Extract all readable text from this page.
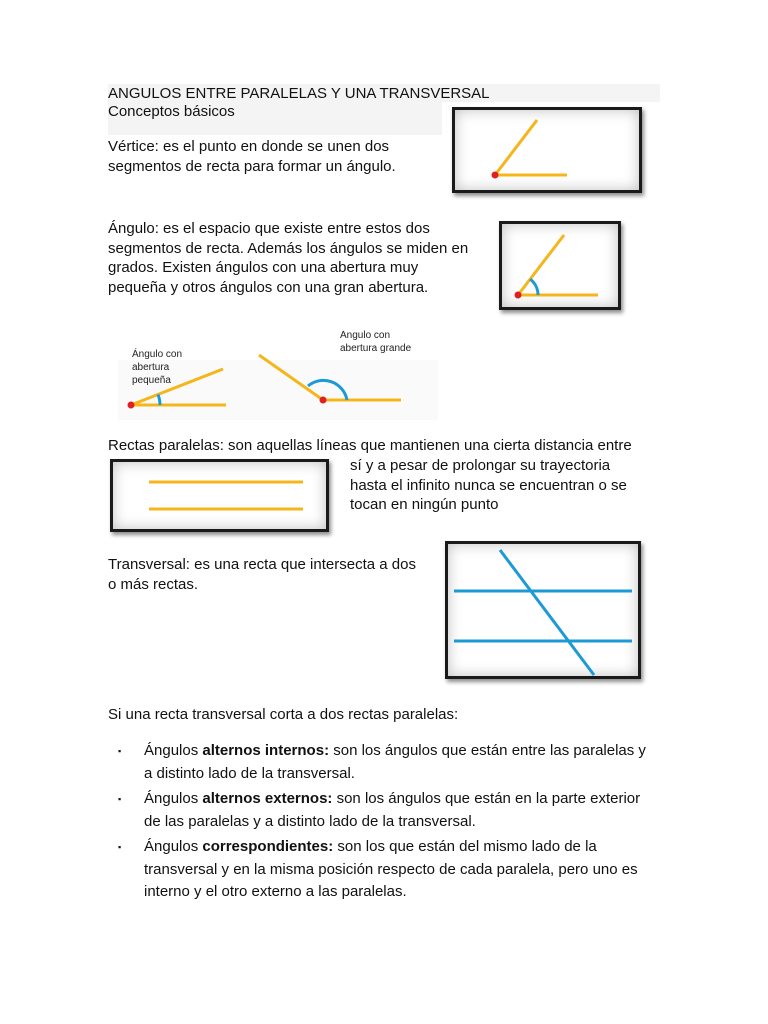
ANGULOS ENTRE PARALELAS Y UNA TRANSVERSAL
Conceptos básicos
Vértice: es el punto en donde se unen dos
segmentos de recta para formar un ángulo.
Ángulo: es el espacio que existe entre estos dos
segmentos de recta. Además los ángulos se miden en
grados. Existen ángulos con una abertura muy
pequeña y otros ángulos con una gran abertura.
Ángulo con
abertura
pequeña
Angulo con
abertura grande
Rectas paralelas: son aquellas líneas que mantienen una cierta distancia entre
sí y a pesar de prolongar su trayectoria
hasta el infinito nunca se encuentran o se
tocan en ningún punto
Transversal: es una recta que intersecta a dos
o más rectas.
Si una recta transversal corta a dos rectas paralelas:
▪ Ángulos alternos internos: son los ángulos que están entre las paralelas y a distinto lado de la transversal.
▪ Ángulos alternos externos: son los ángulos que están en la parte exterior de las paralelas y a distinto lado de la transversal.
▪ Ángulos correspondientes: son los que están del mismo lado de la transversal y en la misma posición respecto de cada paralela, pero uno es interno y el otro externo a las paralelas.
